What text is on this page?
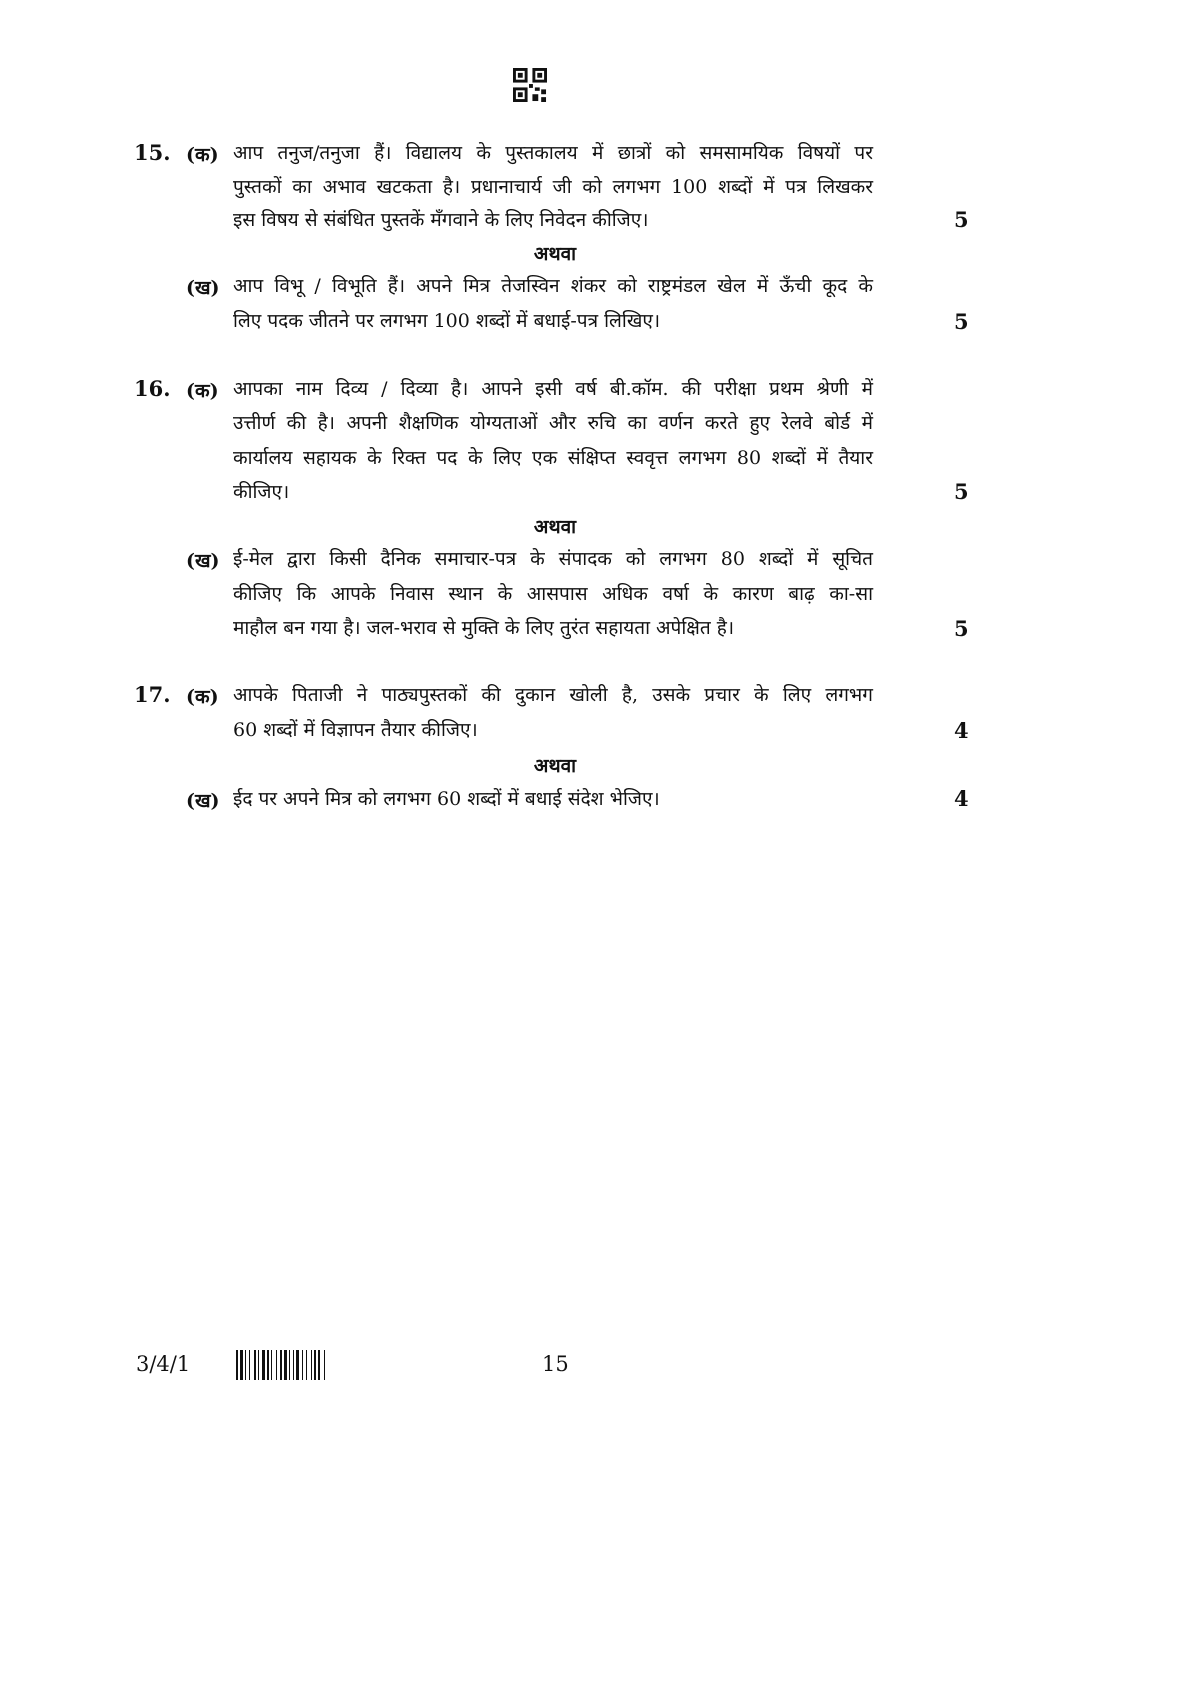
15. (क) आप तनुज/तनुजा हैं। विद्यालय के पुस्तकालय में छात्रों को समसामयिक विषयों पर
पुस्तकों का अभाव खटकता है। प्रधानाचार्य जी को लगभग 100 शब्दों में पत्र लिखकर
इस विषय से संबंधित पुस्तकें मँगवाने के लिए निवेदन कीजिए।	5
अथवा
(ख) आप विभू / विभूति हैं। अपने मित्र तेजस्विन शंकर को राष्ट्रमंडल खेल में ऊँची कूद के
लिए पदक जीतने पर लगभग 100 शब्दों में बधाई-पत्र लिखिए।	5
16. (क) आपका नाम दिव्य / दिव्या है। आपने इसी वर्ष बी.कॉम. की परीक्षा प्रथम श्रेणी में
उत्तीर्ण की है। अपनी शैक्षणिक योग्यताओं और रुचि का वर्णन करते हुए रेलवे बोर्ड में
कार्यालय सहायक के रिक्त पद के लिए एक संक्षिप्त स्ववृत्त लगभग 80 शब्दों में तैयार
कीजिए।	5
अथवा
(ख) ई-मेल द्वारा किसी दैनिक समाचार-पत्र के संपादक को लगभग 80 शब्दों में सूचित
कीजिए कि आपके निवास स्थान के आसपास अधिक वर्षा के कारण बाढ़ का-सा
माहौल बन गया है। जल-भराव से मुक्ति के लिए तुरंत सहायता अपेक्षित है।	5
17. (क) आपके पिताजी ने पाठ्यपुस्तकों की दुकान खोली है, उसके प्रचार के लिए लगभग
60 शब्दों में विज्ञापन तैयार कीजिए।	4
अथवा
(ख) ईद पर अपने मित्र को लगभग 60 शब्दों में बधाई संदेश भेजिए।	4
3/4/1	15
